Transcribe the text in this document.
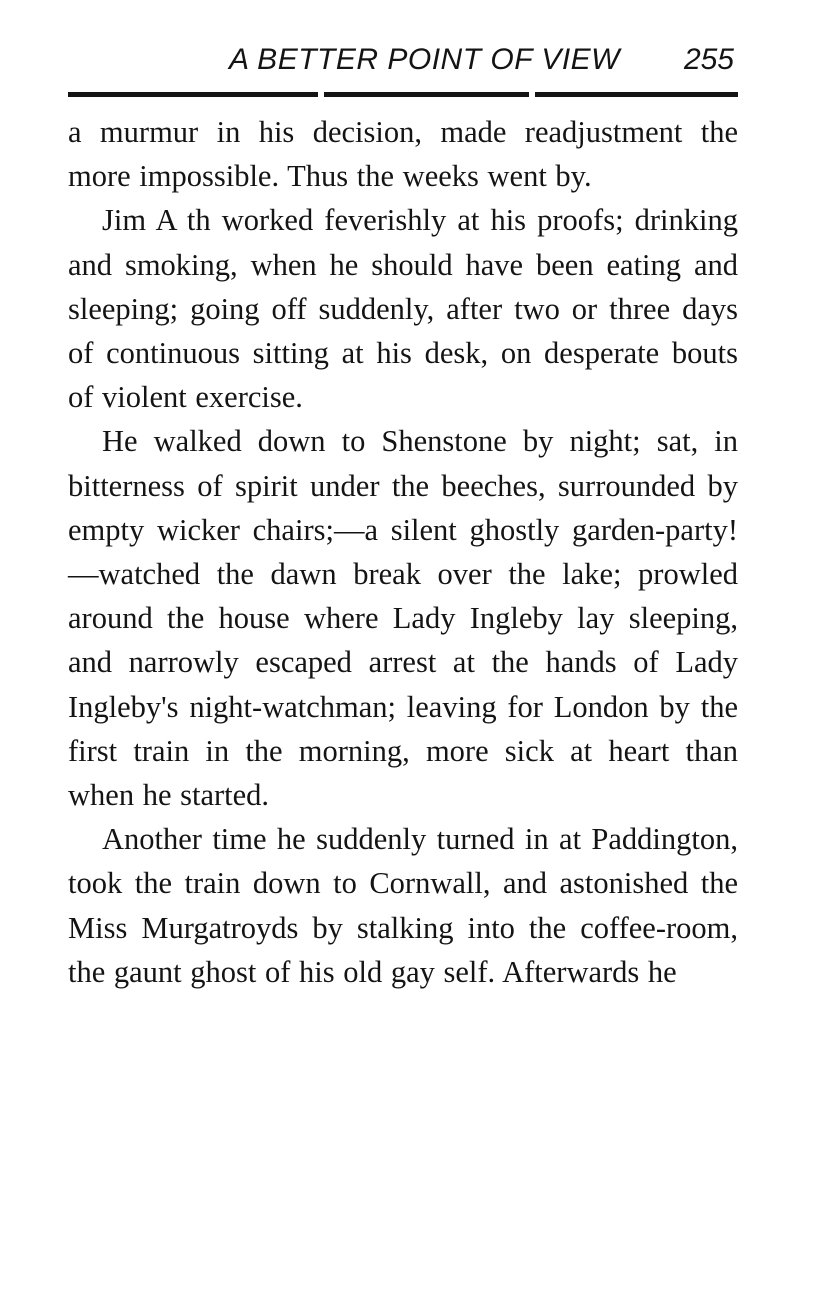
A BETTER POINT OF VIEW 255

a murmur in his decision, made readjustment the more impossible. Thus the weeks went by.

Jim A th worked feverishly at his proofs; drinking and smoking, when he should have been eating and sleeping; going off suddenly, after two or three days of continuous sitting at his desk, on desperate bouts of violent exercise.

He walked down to Shenstone by night; sat, in bitterness of spirit under the beeches, surrounded by empty wicker chairs;—a silent ghostly garden-party!—watched the dawn break over the lake; prowled around the house where Lady Ingleby lay sleeping, and narrowly escaped arrest at the hands of Lady Ingleby's night-watchman; leaving for London by the first train in the morning, more sick at heart than when he started.

Another time he suddenly turned in at Paddington, took the train down to Cornwall, and astonished the Miss Murgatroyds by stalking into the coffee-room, the gaunt ghost of his old gay self. Afterwards he
